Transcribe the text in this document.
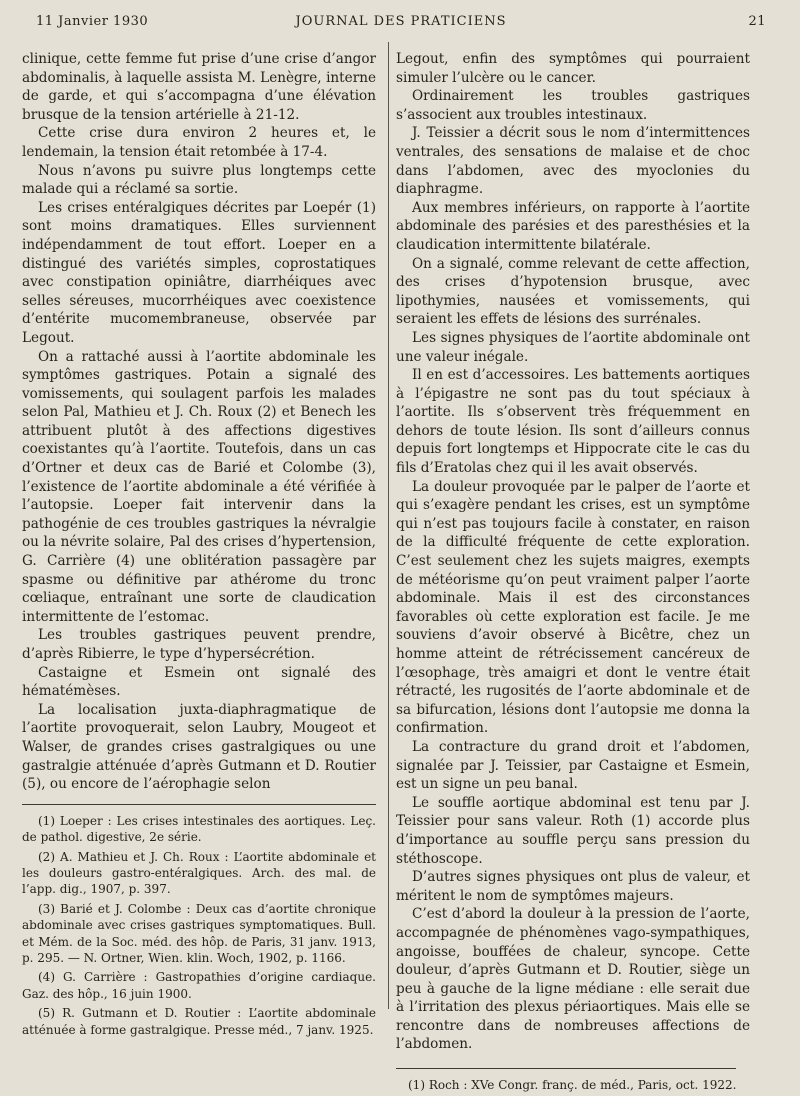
11 Janvier 1930	JOURNAL DES PRATICIENS	21

clinique, cette femme fut prise d’une crise d’angor abdominalis, à laquelle assista M. Lenègre, interne de garde, et qui s’accompagna d’une élévation brusque de la tension artérielle à 21-12.

Cette crise dura environ 2 heures et, le lendemain, la tension était retombée à 17-4.

Nous n’avons pu suivre plus longtemps cette malade qui a réclamé sa sortie.

Les crises entéralgiques décrites par Loepér (1) sont moins dramatiques. Elles surviennent indépendamment de tout effort. Loeper en a distingué des variétés simples, coprostatiques avec constipation opiniâtre, diarrhéiques avec selles séreuses, mucorrhéiques avec coexistence d’entérite mucomembraneuse, observée par Legout.

On a rattaché aussi à l’aortite abdominale les symptômes gastriques. Potain a signalé des vomissements, qui soulagent parfois les malades selon Pal, Mathieu et J. Ch. Roux (2) et Benech les attribuent plutôt à des affections digestives coexistantes qu’à l’aortite. Toutefois, dans un cas d’Ortner et deux cas de Barié et Colombe (3), l’existence de l’aortite abdominale a été vérifiée à l’autopsie. Loeper fait intervenir dans la pathogénie de ces troubles gastriques la névralgie ou la névrite solaire, Pal des crises d’hypertension, G. Carrière (4) une oblitération passagère par spasme ou définitive par athérome du tronc cœliaque, entraînant une sorte de claudication intermittente de l’estomac.

Les troubles gastriques peuvent prendre, d’après Ribierre, le type d’hypersécrétion.

Castaigne et Esmein ont signalé des hématémèses.

La localisation juxta-diaphragmatique de l’aortite provoquerait, selon Laubry, Mougeot et Walser, de grandes crises gastralgiques ou une gastralgie atténuée d’après Gutmann et D. Routier (5), ou encore de l’aérophagie selon

(1) Loeper : Les crises intestinales des aortiques. Leç. de pathol. digestive, 2e série.

(2) A. Mathieu et J. Ch. Roux : L’aortite abdominale et les douleurs gastro-entéralgiques. Arch. des mal. de l’app. dig., 1907, p. 397.

(3) Barié et J. Colombe : Deux cas d’aortite chronique abdominale avec crises gastriques symptomatiques. Bull. et Mém. de la Soc. méd. des hôp. de Paris, 31 janv. 1913, p. 295. — N. Ortner, Wien. klin. Woch, 1902, p. 1166.

(4) G. Carrière : Gastropathies d’origine cardiaque. Gaz. des hôp., 16 juin 1900.

(5) R. Gutmann et D. Routier : L’aortite abdominale atténuée à forme gastralgique. Presse méd., 7 janv. 1925.

Legout, enfin des symptômes qui pourraient simuler l’ulcère ou le cancer.

Ordinairement les troubles gastriques s’associent aux troubles intestinaux.

J. Teissier a décrit sous le nom d’intermittences ventrales, des sensations de malaise et de choc dans l’abdomen, avec des myoclonies du diaphragme.

Aux membres inférieurs, on rapporte à l’aortite abdominale des parésies et des paresthésies et la claudication intermittente bilatérale.

On a signalé, comme relevant de cette affection, des crises d’hypotension brusque, avec lipothymies, nausées et vomissements, qui seraient les effets de lésions des surrénales.

Les signes physiques de l’aortite abdominale ont une valeur inégale.

Il en est d’accessoires. Les battements aortiques à l’épigastre ne sont pas du tout spéciaux à l’aortite. Ils s’observent très fréquemment en dehors de toute lésion. Ils sont d’ailleurs connus depuis fort longtemps et Hippocrate cite le cas du fils d’Eratolas chez qui il les avait observés.

La douleur provoquée par le palper de l’aorte et qui s’exagère pendant les crises, est un symptôme qui n’est pas toujours facile à constater, en raison de la difficulté fréquente de cette exploration. C’est seulement chez les sujets maigres, exempts de météorisme qu’on peut vraiment palper l’aorte abdominale. Mais il est des circonstances favorables où cette exploration est facile. Je me souviens d’avoir observé à Bicêtre, chez un homme atteint de rétrécissement cancéreux de l’œsophage, très amaigri et dont le ventre était rétracté, les rugosités de l’aorte abdominale et de sa bifurcation, lésions dont l’autopsie me donna la confirmation.

La contracture du grand droit et l’abdomen, signalée par J. Teissier, par Castaigne et Esmein, est un signe un peu banal.

Le souffle aortique abdominal est tenu par J. Teissier pour sans valeur. Roth (1) accorde plus d’importance au souffle perçu sans pression du stéthoscope.

D’autres signes physiques ont plus de valeur, et méritent le nom de symptômes majeurs.

C’est d’abord la douleur à la pression de l’aorte, accompagnée de phénomènes vago-sympathiques, angoisse, bouffées de chaleur, syncope. Cette douleur, d’après Gutmann et D. Routier, siège un peu à gauche de la ligne médiane : elle serait due à l’irritation des plexus périaortiques. Mais elle se rencontre dans de nombreuses affections de l’abdomen.

(1) Roch : XVe Congr. franç. de méd., Paris, oct. 1922.
